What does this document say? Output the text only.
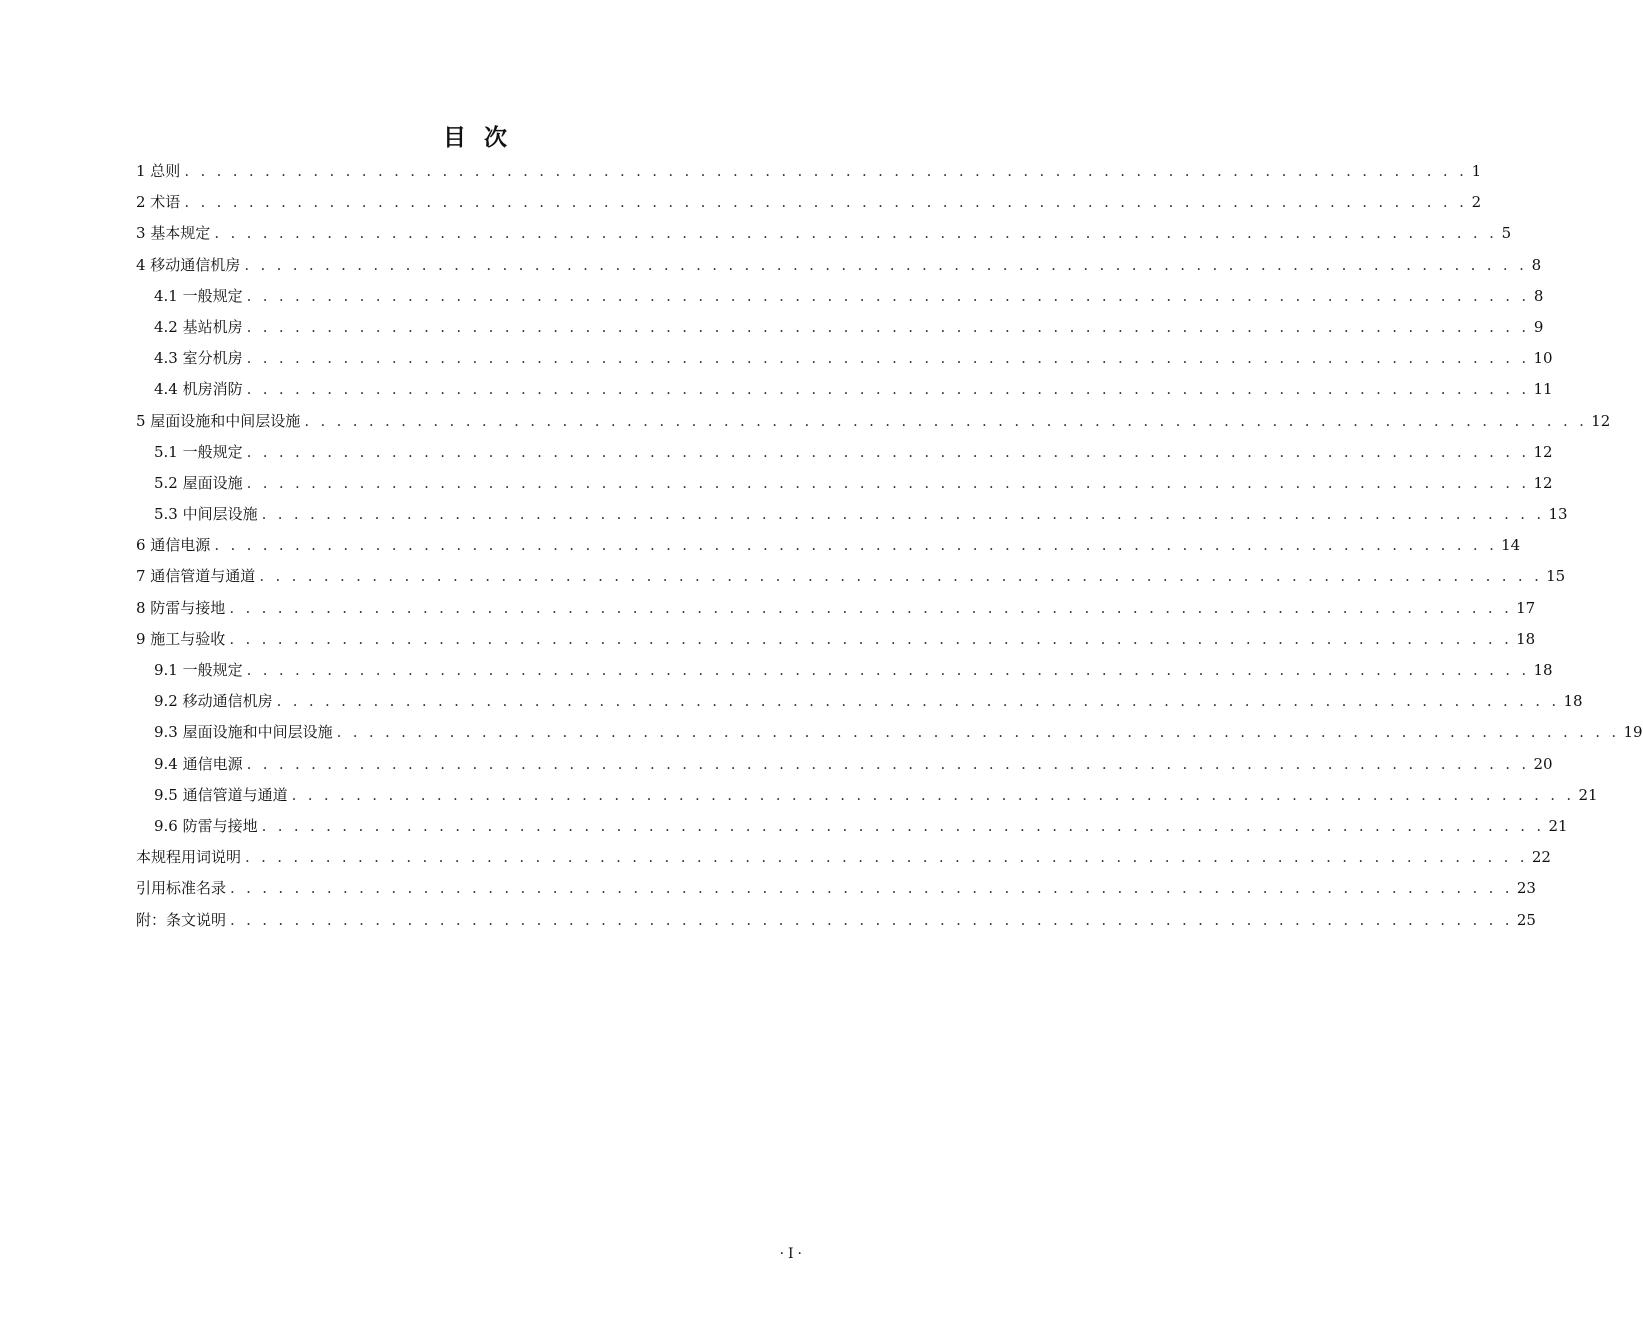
目次
1 总则 . . . . . . . . . . . . . . . . . . . . . . . . . . . . . . . . . . . . . . . . . . . . . . . . . . . . . . . . . . . . . . . . . . . . . . . . . . . . . . . . 1
2 术语 . . . . . . . . . . . . . . . . . . . . . . . . . . . . . . . . . . . . . . . . . . . . . . . . . . . . . . . . . . . . . . . . . . . . . . . . . . . . . . . . 2
3 基本规定 . . . . . . . . . . . . . . . . . . . . . . . . . . . . . . . . . . . . . . . . . . . . . . . . . . . . . . . . . . . . . . . . . . . . . . . . . . . . . . . . 5
4 移动通信机房 . . . . . . . . . . . . . . . . . . . . . . . . . . . . . . . . . . . . . . . . . . . . . . . . . . . . . . . . . . . . . . . . . . . . . . . . . . . . . . . . 8
4.1 一般规定 . . . . . . . . . . . . . . . . . . . . . . . . . . . . . . . . . . . . . . . . . . . . . . . . . . . . . . . . . . . . . . . . . . . . . . . . . . . . . . . . 8
4.2 基站机房 . . . . . . . . . . . . . . . . . . . . . . . . . . . . . . . . . . . . . . . . . . . . . . . . . . . . . . . . . . . . . . . . . . . . . . . . . . . . . . . . 9
4.3 室分机房 . . . . . . . . . . . . . . . . . . . . . . . . . . . . . . . . . . . . . . . . . . . . . . . . . . . . . . . . . . . . . . . . . . . . . . . . . . . . . . . . 10
4.4 机房消防 . . . . . . . . . . . . . . . . . . . . . . . . . . . . . . . . . . . . . . . . . . . . . . . . . . . . . . . . . . . . . . . . . . . . . . . . . . . . . . . . 11
5 屋面设施和中间层设施 . . . . . . . . . . . . . . . . . . . . . . . . . . . . . . . . . . . . . . . . . . . . . . . . . . . . . . . . . . . . . . . . . . . . . . . . . . . . . . . . 12
5.1 一般规定 . . . . . . . . . . . . . . . . . . . . . . . . . . . . . . . . . . . . . . . . . . . . . . . . . . . . . . . . . . . . . . . . . . . . . . . . . . . . . . . . 12
5.2 屋面设施 . . . . . . . . . . . . . . . . . . . . . . . . . . . . . . . . . . . . . . . . . . . . . . . . . . . . . . . . . . . . . . . . . . . . . . . . . . . . . . . . 12
5.3 中间层设施 . . . . . . . . . . . . . . . . . . . . . . . . . . . . . . . . . . . . . . . . . . . . . . . . . . . . . . . . . . . . . . . . . . . . . . . . . . . . . . . . 13
6 通信电源 . . . . . . . . . . . . . . . . . . . . . . . . . . . . . . . . . . . . . . . . . . . . . . . . . . . . . . . . . . . . . . . . . . . . . . . . . . . . . . . . 14
7 通信管道与通道 . . . . . . . . . . . . . . . . . . . . . . . . . . . . . . . . . . . . . . . . . . . . . . . . . . . . . . . . . . . . . . . . . . . . . . . . . . . . . . . . 15
8 防雷与接地 . . . . . . . . . . . . . . . . . . . . . . . . . . . . . . . . . . . . . . . . . . . . . . . . . . . . . . . . . . . . . . . . . . . . . . . . . . . . . . . . 17
9 施工与验收 . . . . . . . . . . . . . . . . . . . . . . . . . . . . . . . . . . . . . . . . . . . . . . . . . . . . . . . . . . . . . . . . . . . . . . . . . . . . . . . . 18
9.1 一般规定 . . . . . . . . . . . . . . . . . . . . . . . . . . . . . . . . . . . . . . . . . . . . . . . . . . . . . . . . . . . . . . . . . . . . . . . . . . . . . . . . 18
9.2 移动通信机房 . . . . . . . . . . . . . . . . . . . . . . . . . . . . . . . . . . . . . . . . . . . . . . . . . . . . . . . . . . . . . . . . . . . . . . . . . . . . . . . . 18
9.3 屋面设施和中间层设施 . . . . . . . . . . . . . . . . . . . . . . . . . . . . . . . . . . . . . . . . . . . . . . . . . . . . . . . . . . . . . . . . . . . . . . . . . . . . . . . . 19
9.4 通信电源 . . . . . . . . . . . . . . . . . . . . . . . . . . . . . . . . . . . . . . . . . . . . . . . . . . . . . . . . . . . . . . . . . . . . . . . . . . . . . . . . 20
9.5 通信管道与通道 . . . . . . . . . . . . . . . . . . . . . . . . . . . . . . . . . . . . . . . . . . . . . . . . . . . . . . . . . . . . . . . . . . . . . . . . . . . . . . . . 21
9.6 防雷与接地 . . . . . . . . . . . . . . . . . . . . . . . . . . . . . . . . . . . . . . . . . . . . . . . . . . . . . . . . . . . . . . . . . . . . . . . . . . . . . . . . 21
本规程用词说明 . . . . . . . . . . . . . . . . . . . . . . . . . . . . . . . . . . . . . . . . . . . . . . . . . . . . . . . . . . . . . . . . . . . . . . . . . . . . . . . . 22
引用标准名录 . . . . . . . . . . . . . . . . . . . . . . . . . . . . . . . . . . . . . . . . . . . . . . . . . . . . . . . . . . . . . . . . . . . . . . . . . . . . . . . . 23
附：条文说明 . . . . . . . . . . . . . . . . . . . . . . . . . . . . . . . . . . . . . . . . . . . . . . . . . . . . . . . . . . . . . . . . . . . . . . . . . . . . . . . . 25
·I·
